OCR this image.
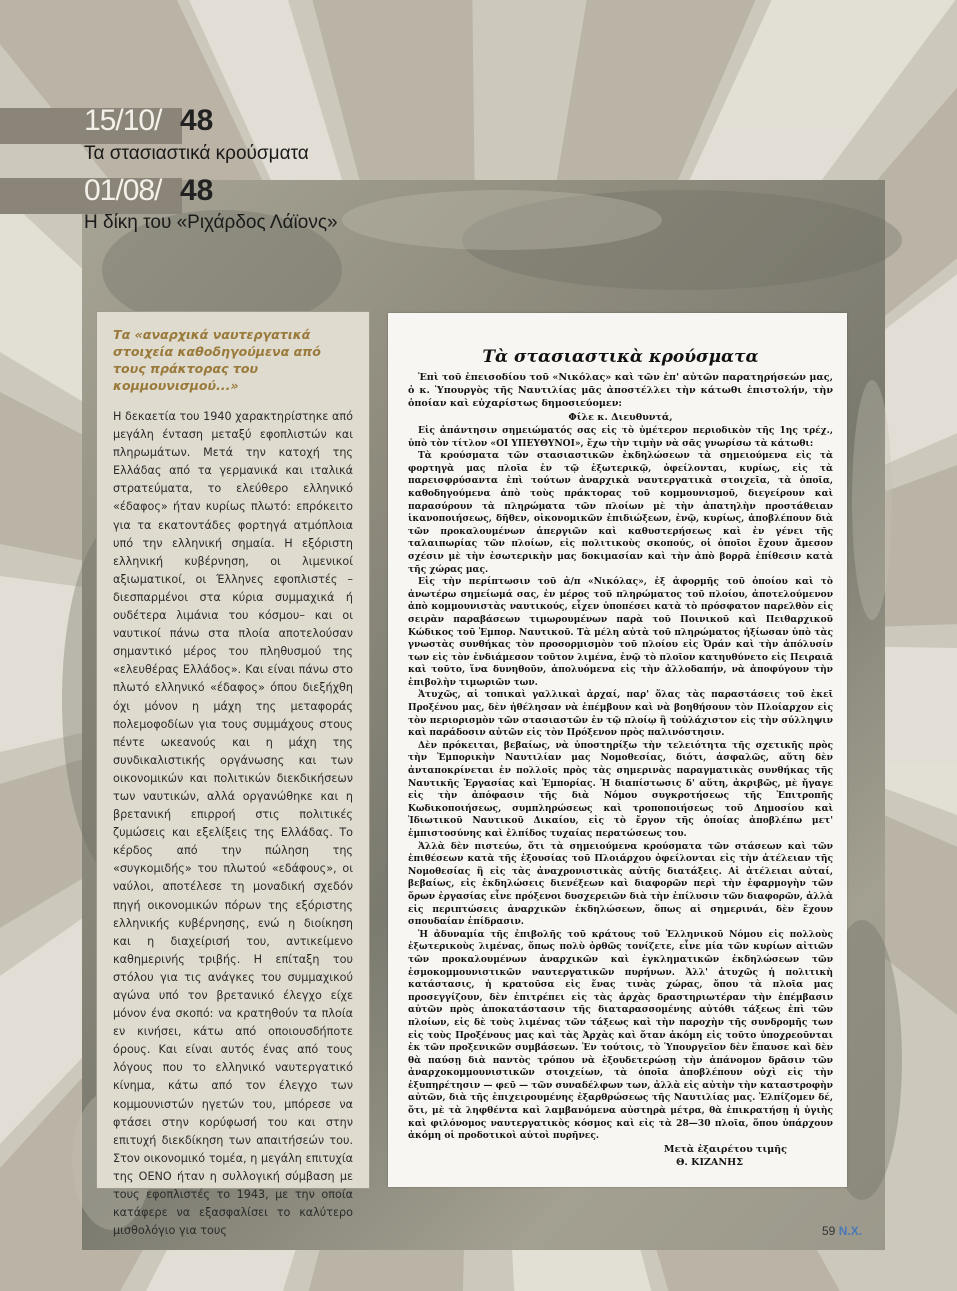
15/10/ 48
Τα στασιαστικά κρούσματα
01/08/ 48
Η δίκη του «Ριχάρδος Λάϊονς»

Τα «αναρχικά ναυτεργατικά στοιχεία καθοδηγούμενα από τους πράκτορας του κομμουνισμού...»

Η δεκαετία του 1940 χαρακτηρίστηκε από μεγάλη ένταση μεταξύ εφοπλιστών και πληρωμάτων. Μετά την κατοχή της Ελλάδας από τα γερμανικά και ιταλικά στρατεύματα, το ελεύθερο ελληνικό «έδαφος» ήταν κυρίως πλωτό: επρόκειτο για τα εκατοντάδες φορτηγά ατμόπλοια υπό την ελληνική σημαία. Η εξόριστη ελληνική κυβέρνηση, οι λιμενικοί αξιωματικοί, οι Έλληνες εφοπλιστές –διεσπαρμένοι στα κύρια συμμαχικά ή ουδέτερα λιμάνια του κόσμου– και οι ναυτικοί πάνω στα πλοία αποτελούσαν σημαντικό μέρος του πληθυσμού της «ελευθέρας Ελλάδος». Και είναι πάνω στο πλωτό ελληνικό «έδαφος» όπου διεξήχθη όχι μόνον η μάχη της μεταφοράς πολεμοφοδίων για τους συμμάχους στους πέντε ωκεανούς και η μάχη της συνδικαλιστικής οργάνωσης και των οικονομικών και πολιτικών διεκδικήσεων των ναυτικών, αλλά οργανώθηκε και η βρετανική επιρροή στις πολιτικές ζυμώσεις και εξελίξεις της Ελλάδας. Το κέρδος από την πώληση της «συγκομιδής» του πλωτού «εδάφους», οι ναύλοι, αποτέλεσε τη μοναδική σχεδόν πηγή οικονομικών πόρων της εξόριστης ελληνικής κυβέρνησης, ενώ η διοίκηση και η διαχείρισή του, αντικείμενο καθημερινής τριβής. Η επίταξη του στόλου για τις ανάγκες του συμμαχικού αγώνα υπό τον βρετανικό έλεγχο είχε μόνον ένα σκοπό: να κρατηθούν τα πλοία εν κινήσει, κάτω από οποιουσδήποτε όρους. Και είναι αυτός ένας από τους λόγους που το ελληνικό ναυτεργατικό κίνημα, κάτω από τον έλεγχο των κομμουνιστών ηγετών του, μπόρεσε να φτάσει στην κορύφωσή του και στην επιτυχή διεκδίκηση των απαιτήσεών του. Στον οικονομικό τομέα, η μεγάλη επιτυχία της ΟΕΝΟ ήταν η συλλογική σύμβαση με τους εφοπλιστές το 1943, με την οποία κατάφερε να εξασφαλίσει το καλύτερο μισθολόγιο για τους

Τὰ στασιαστικὰ κρούσματα

Ἐπὶ τοῦ ἐπεισοδίου τοῦ «Νικόλας» καὶ τῶν ἐπ' αὐτῶν παρατηρήσεών μας, ὁ κ. Ὑπουργὸς τῆς Ναυτιλίας μᾶς ἀποστέλλει τὴν κάτωθι ἐπιστολήν, τὴν ὁποίαν καὶ εὐχαρίστως δημοσιεύομεν:

Φίλε κ. Διευθυντά,

Εἰς ἀπάντησιν σημειώματός σας εἰς τὸ ὑμέτερον περιοδικὸν τῆς 1ης τρέχ., ὑπὸ τὸν τίτλον «ΟΙ ΥΠΕΥΘΥΝΟΙ», ἔχω τὴν τιμὴν νὰ σᾶς γνωρίσω τὰ κάτωθι:

Τὰ κρούσματα τῶν στασιαστικῶν ἐκδηλώσεων τὰ σημειούμενα εἰς τὰ φορτηγὰ μας πλοῖα ἐν τῷ ἐξωτερικῷ, ὀφείλονται, κυρίως, εἰς τὰ παρεισφρύσαντα ἐπὶ τούτων ἀναρχικὰ ναυτεργατικὰ στοιχεῖα, τὰ ὁποῖα, καθοδηγούμενα ἀπὸ τοὺς πράκτορας τοῦ κομμουνισμοῦ, διεγείρουν καὶ παρασύρουν τὰ πληρώματα τῶν πλοίων μὲ τὴν ἀπατηλὴν προστάθειαν ἱκανοποιήσεως, δῆθεν, οἰκονομικῶν ἐπιδιώξεων, ἐνῷ, κυρίως, ἀποβλέπουν διὰ τῶν προκαλουμένων ἀπεργιῶν καὶ καθυστερήσεως καὶ ἐν γένει τῆς ταλαιπωρίας τῶν πλοίων, εἰς πολιτικοὺς σκοπούς, οἱ ὁποῖοι ἔχουν ἄμεσον σχέσιν μὲ τὴν ἐσωτερικὴν μας δοκιμασίαν καὶ τὴν ἀπὸ βορρᾶ ἐπίθεσιν κατὰ τῆς χώρας μας.

Εἰς τὴν περίπτωσιν τοῦ ἀ/π «Νικόλας», ἐξ ἀφορμῆς τοῦ ὁποίου καὶ τὸ ἀνωτέρω σημείωμά σας, ἐν μέρος τοῦ πληρώματος τοῦ πλοίου, ἀποτελούμενον ἀπὸ κομμουνιστὰς ναυτικούς, εἶχεν ὑποπέσει κατὰ τὸ πρόσφατον παρελθὸν εἰς σειρὰν παραβάσεων τιμωρουμένων παρὰ τοῦ Ποινικοῦ καὶ Πειθαρχικοῦ Κώδικος τοῦ Ἐμπορ. Ναυτικοῦ. Τὰ μέλη αὐτὰ τοῦ πληρώματος ἠξίωσαν ὑπὸ τὰς γνωστὰς συνθήκας τὸν προσορμισμὸν τοῦ πλοίου εἰς Ὀράν καὶ τὴν ἀπόλυσίν των εἰς τὸν ἐνδιάμεσον τοῦτον λιμένα, ἐνῷ τὸ πλοῖον κατηυθύνετο εἰς Πειραιᾶ καὶ τοῦτο, ἵνα δυνηθοῦν, ἀπολυόμενα εἰς τὴν ἀλλοδαπήν, νὰ ἀποφύγουν τὴν ἐπιβολὴν τιμωριῶν των.

Ἀτυχῶς, αἱ τοπικαὶ γαλλικαὶ ἀρχαί, παρ' ὅλας τὰς παραστάσεις τοῦ ἐκεῖ Προξένου μας, δὲν ἠθέλησαν νὰ ἐπέμβουν καὶ νὰ βοηθήσουν τὸν Πλοίαρχον εἰς τὸν περιορισμὸν τῶν στασιαστῶν ἐν τῷ πλοίῳ ἢ τοὐλάχιστον εἰς τὴν σύλληψιν καὶ παράδοσιν αὐτῶν εἰς τὸν Πρόξενον πρὸς παλινόστησιν.

Δὲν πρόκειται, βεβαίως, νὰ ὑποστηρίξω τὴν τελειότητα τῆς σχετικῆς πρὸς τὴν Ἐμπορικὴν Ναυτιλίαν μας Νομοθεσίας, διότι, ἀσφαλῶς, αὕτη δὲν ἀνταποκρίνεται ἐν πολλοῖς πρὸς τὰς σημερινὰς παραγματικὰς συνθήκας τῆς Ναυτικῆς Ἐργασίας καὶ Ἐμπορίας. Ἡ διαπίστωσις δ' αὕτη, ἀκριβῶς, μὲ ἤγαγε εἰς τὴν ἀπόφασιν τῆς διὰ Νόμου συγκροτήσεως τῆς Ἐπιτροπῆς Κωδικοποιήσεως, συμπληρώσεως καὶ τροποποιήσεως τοῦ Δημοσίου καὶ Ἰδιωτικοῦ Ναυτικοῦ Δικαίου, εἰς τὸ ἔργον τῆς ὁποίας ἀποβλέπω μετ' ἐμπιστοσύνης καὶ ἐλπίδος τυχαίας περατώσεως του.

Ἀλλὰ δὲν πιστεύω, ὅτι τὰ σημειούμενα κρούσματα τῶν στάσεων καὶ τῶν ἐπιθέσεων κατὰ τῆς ἐξουσίας τοῦ Πλοιάρχου ὀφείλονται εἰς τὴν ἀτέλειαν τῆς Νομοθεσίας ἢ εἰς τὰς ἀναχρονιστικὰς αὐτῆς διατάξεις. Αἱ ἀτέλειαι αὐταί, βεβαίως, εἰς ἐκδηλώσεις διενέξεων καὶ διαφορῶν περὶ τὴν ἐφαρμογὴν τῶν ὅρων ἐργασίας εἶνε πρόξενοι δυσχερειῶν διὰ τὴν ἐπίλυσιν τῶν διαφορῶν, ἀλλὰ εἰς περιπτώσεις ἀναρχικῶν ἐκδηλώσεων, ὅπως αἱ σημερινάι, δὲν ἔχουν σπουδαίαν ἐπίδρασιν.

Ἡ ἀδυναμία τῆς ἐπιβολῆς τοῦ κράτους τοῦ Ἑλληνικοῦ Νόμου εἰς πολλοὺς ἐξωτερικοὺς λιμένας, ὅπως πολὺ ὀρθῶς τονίζετε, εἶνε μία τῶν κυρίων αἰτιῶν τῶν προκαλουμένων ἀναρχικῶν καὶ ἐγκληματικῶν ἐκδηλώσεων τῶν ἐσμοκομμουνιστικῶν ναυτεργατικῶν πυρήνων. Ἀλλ' ἀτυχῶς ἡ πολιτικὴ κατάστασις, ἡ κρατοῦσα εἰς ἕνας τινὰς χώρας, ὅπου τὰ πλοῖα μας προσεγγίζουν, δὲν ἐπιτρέπει εἰς τὰς ἀρχὰς δραστηριωτέραν τὴν ἐπέμβασιν αὐτῶν πρὸς ἀποκατάστασιν τῆς διαταρασσομένης αὐτόθι τάξεως ἐπὶ τῶν πλοίων, εἰς δὲ τοὺς λιμένας τῶν τάξεως καὶ τὴν παροχὴν τῆς συνδρομῆς των εἰς τοὺς Προξένους μας καὶ τὰς Ἀρχὰς καὶ ὅταν ἀκόμη εἰς τοῦτο ὑποχρεοῦνται ἐκ τῶν προξενικῶν συμβάσεων. Ἐν τούτοις, τὸ Ὑπουργεῖον δὲν ἔπαυσε καὶ δὲν θὰ παύσῃ διὰ παντὸς τρόπου νὰ ἐξουδετερώσῃ τὴν ἀπάνομον δρᾶσιν τῶν ἀναρχοκομμουνιστικῶν στοιχείων, τὰ ὁποῖα ἀποβλέπουν οὐχὶ εἰς τὴν ἐξυπηρέτησιν — φεῦ — τῶν συναδέλφων των, ἀλλὰ εἰς αὐτὴν τὴν καταστροφὴν αὐτῶν, διὰ τῆς ἐπιχειρουμένης ἐξαρθρώσεως τῆς Ναυτιλίας μας. Ἐλπίζομεν δέ, ὅτι, μὲ τὰ ληφθέντα καὶ λαμβανόμενα αὐστηρὰ μέτρα, θὰ ἐπικρατήσῃ ἡ ὑγιὴς καὶ φιλόνομος ναυτεργατικὸς κόσμος καὶ εἰς τὰ 28—30 πλοῖα, ὅπου ὑπάρχουν ἀκόμη οἱ προδοτικοὶ αὐτοὶ πυρῆνες.

Μετὰ ἐξαιρέτου τιμῆς
Θ. ΚΙΖΑΝΗΣ
59 Ν.Χ.
